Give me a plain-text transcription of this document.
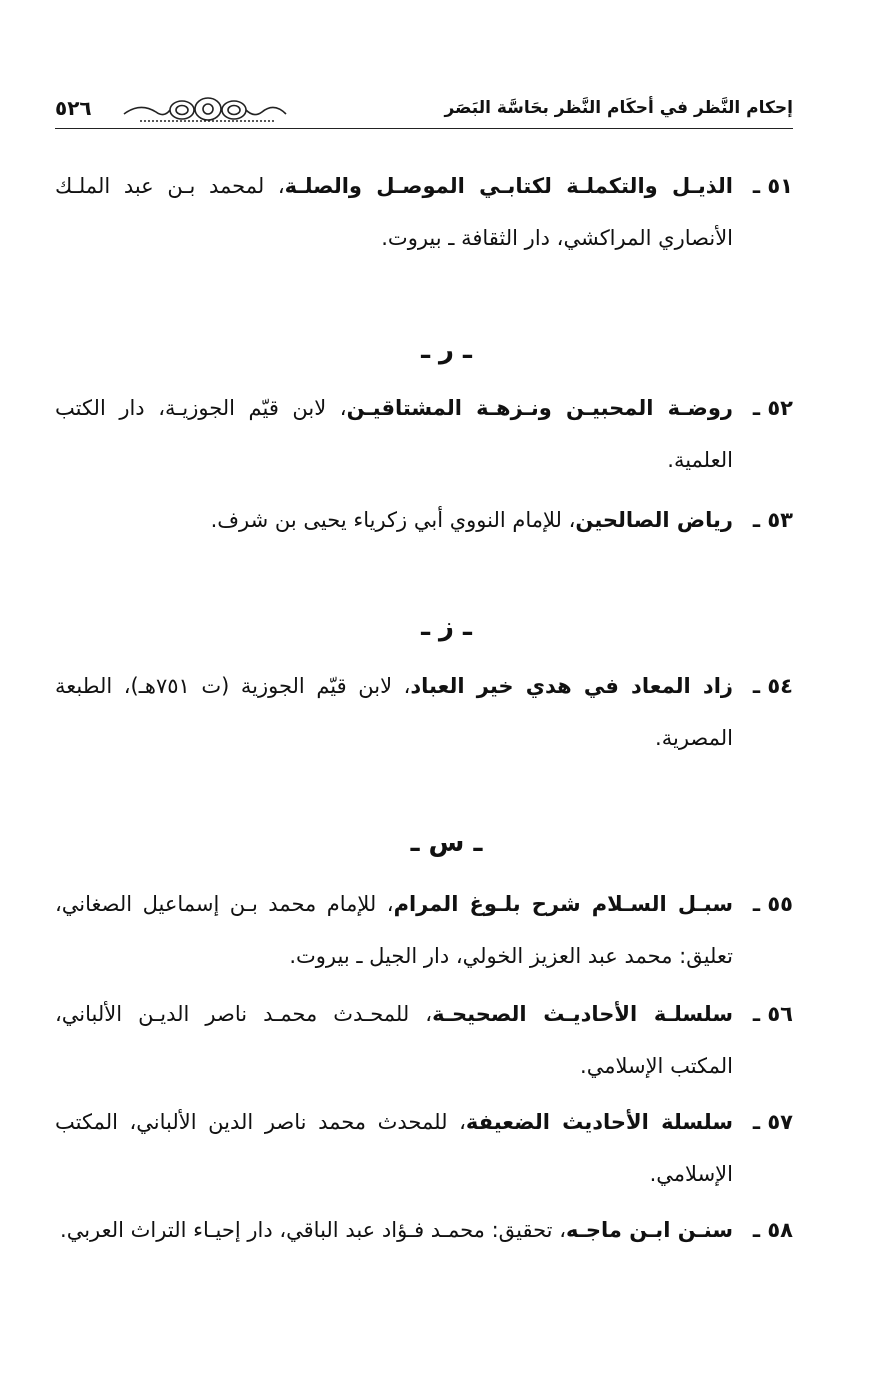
إحكام النَّظر في أحكَام النَّظر بحَاسَّة البَصَر
٥٢٦
٥١ ـ
الذيـل والتكملـة لكتابـي الموصـل والصلـة، لمحمد بـن عبد الملـك الأنصاري المراكشي، دار الثقافة ـ بيروت.
ـ ر ـ
٥٢ ـ
روضـة المحبيـن ونـزهـة المشتاقيـن، لابن قيّم الجوزيـة، دار الكتب العلمية.
٥٣ ـ
رياض الصالحين، للإمام النووي أبي زكرياء يحيى بن شرف.
ـ ز ـ
٥٤ ـ
زاد المعاد في هدي خير العباد، لابن قيّم الجوزية (ت ٧٥١هـ)، الطبعة المصرية.
ـ س ـ
٥٥ ـ
سبـل السـلام شرح بلـوغ المرام، للإمام محمد بـن إسماعيل الصغاني، تعليق: محمد عبد العزيز الخولي، دار الجيل ـ بيروت.
٥٦ ـ
سلسلـة الأحاديـث الصحيحـة، للمحـدث محمـد ناصر الديـن الألباني، المكتب الإسلامي.
٥٧ ـ
سلسلة الأحاديث الضعيفة، للمحدث محمد ناصر الدين الألباني، المكتب الإسلامي.
٥٨ ـ
سنـن ابـن ماجـه، تحقيق: محمـد فـؤاد عبد الباقي، دار إحيـاء التراث العربي.
